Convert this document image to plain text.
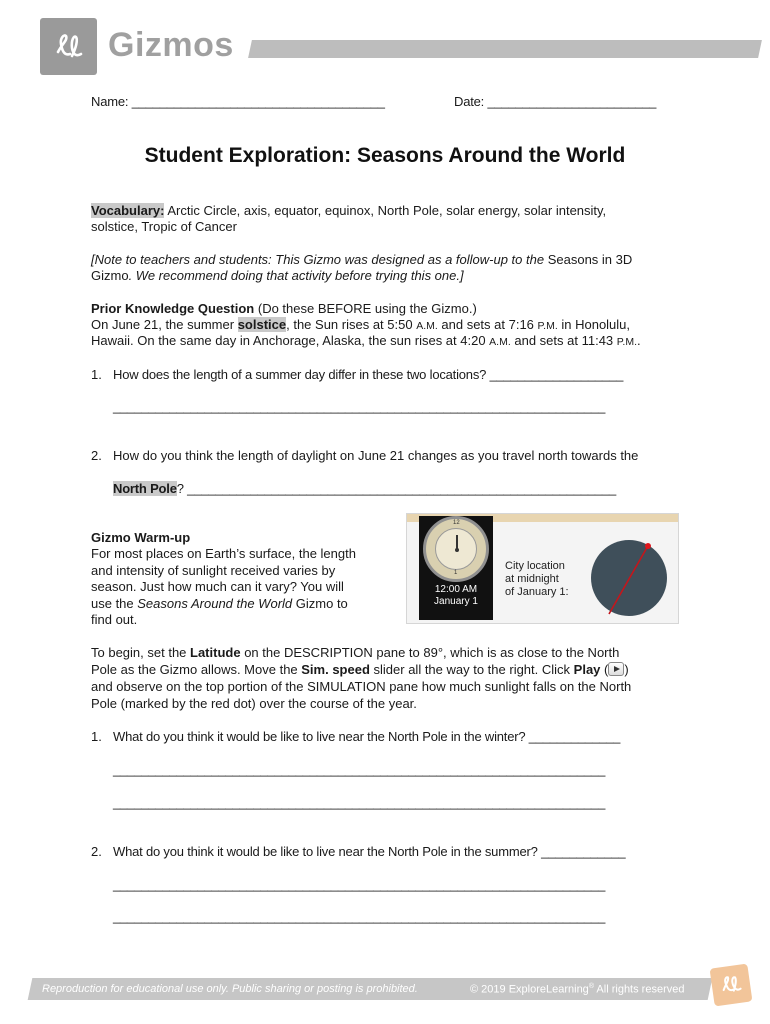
Gizmos
Name: ____________________________________	Date: ________________________
Student Exploration: Seasons Around the World
Vocabulary: Arctic Circle, axis, equator, equinox, North Pole, solar energy, solar intensity,
solstice, Tropic of Cancer
[Note to teachers and students: This Gizmo was designed as a follow-up to the Seasons in 3D
Gizmo. We recommend doing that activity before trying this one.]
Prior Knowledge Question (Do these BEFORE using the Gizmo.)
On June 21, the summer solstice, the Sun rises at 5:50 A.M. and sets at 7:16 P.M. in Honolulu,
Hawaii. On the same day in Anchorage, Alaska, the sun rises at 4:20 A.M. and sets at 11:43 P.M..
1. How does the length of a summer day differ in these two locations? ___________________
______________________________________________________________________
2. How do you think the length of daylight on June 21 changes as you travel north towards the
North Pole? _____________________________________________________________
Gizmo Warm-up
For most places on Earth’s surface, the length
and intensity of sunlight received varies by
season. Just how much can it vary? You will
use the Seasons Around the World Gizmo to
find out.
12
1
12:00 AM
January 1
City location
at midnight
of January 1:
To begin, set the Latitude on the DESCRIPTION pane to 89°, which is as close to the North
Pole as the Gizmo allows. Move the Sim. speed slider all the way to the right. Click Play ( )
and observe on the top portion of the SIMULATION pane how much sunlight falls on the North
Pole (marked by the red dot) over the course of the year.
1. What do you think it would be like to live near the North Pole in the winter? _____________
______________________________________________________________________
______________________________________________________________________
2. What do you think it would be like to live near the North Pole in the summer? ____________
______________________________________________________________________
______________________________________________________________________
Reproduction for educational use only. Public sharing or posting is prohibited.	© 2019 ExploreLearning® All rights reserved
